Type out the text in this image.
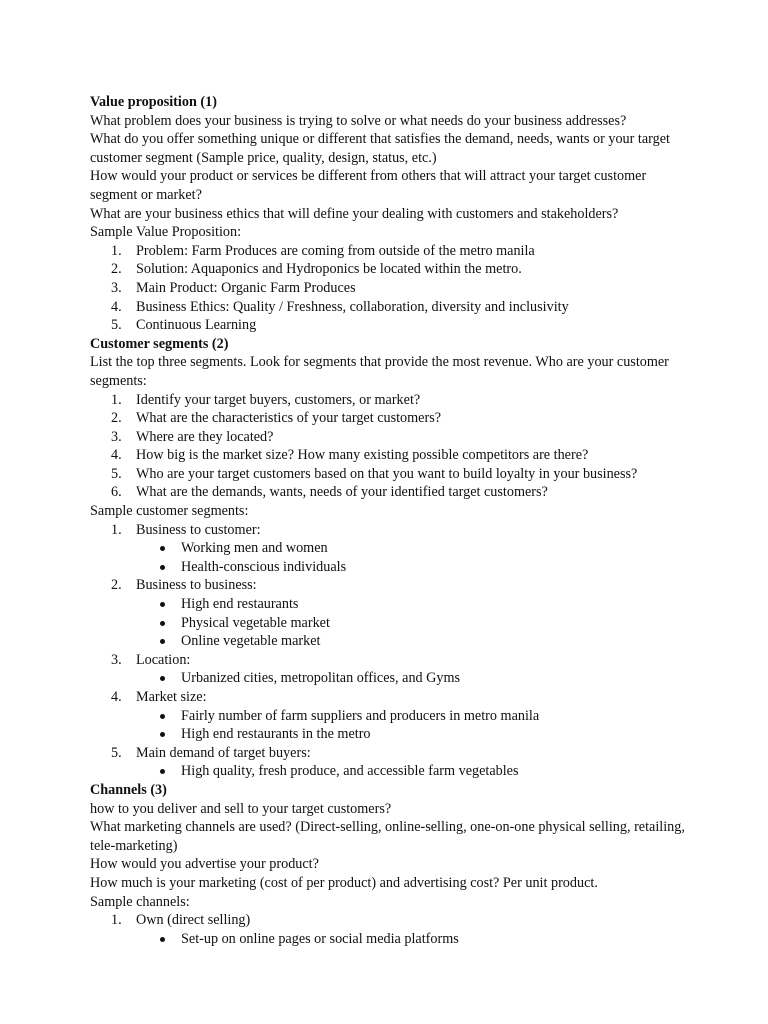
Value proposition (1)

What problem does your business is trying to solve or what needs do your business addresses?

What do you offer something unique or different that satisfies the demand, needs, wants or your target customer segment (Sample price, quality, design, status, etc.)

How would your product or services be different from others that will attract your target customer segment or market?

What are your business ethics that will define your dealing with customers and stakeholders?

Sample Value Proposition:

1. Problem: Farm Produces are coming from outside of the metro manila
2. Solution: Aquaponics and Hydroponics be located within the metro.
3. Main Product: Organic Farm Produces
4. Business Ethics: Quality / Freshness, collaboration, diversity and inclusivity
5. Continuous Learning

Customer segments (2)

List the top three segments. Look for segments that provide the most revenue. Who are your customer segments:

1. Identify your target buyers, customers, or market?
2. What are the characteristics of your target customers?
3. Where are they located?
4. How big is the market size? How many existing possible competitors are there?
5. Who are your target customers based on that you want to build loyalty in your business?
6. What are the demands, wants, needs of your identified target customers?

Sample customer segments:

1. Business to customer:
Working men and women
Health-conscious individuals
2. Business to business:
High end restaurants
Physical vegetable market
Online vegetable market
3. Location:
Urbanized cities, metropolitan offices, and Gyms
4. Market size:
Fairly number of farm suppliers and producers in metro manila
High end restaurants in the metro
5. Main demand of target buyers:
High quality, fresh produce, and accessible farm vegetables

Channels (3)

how to you deliver and sell to your target customers?

What marketing channels are used? (Direct-selling, online-selling, one-on-one physical selling, retailing, tele-marketing)

How would you advertise your product?

How much is your marketing (cost of per product) and advertising cost? Per unit product.

Sample channels:

1. Own (direct selling)
Set-up on online pages or social media platforms
